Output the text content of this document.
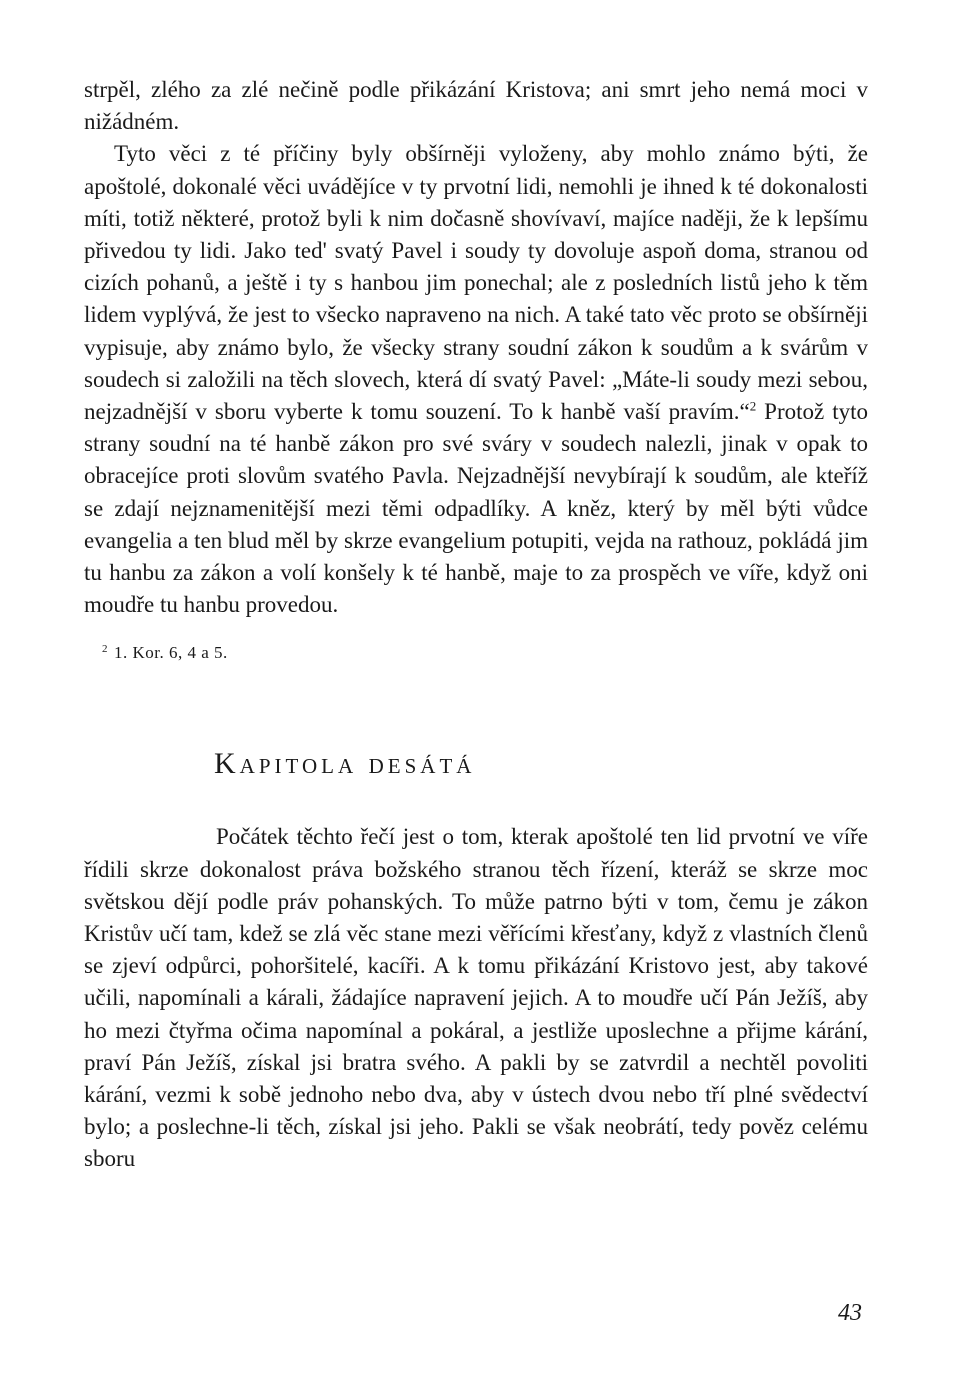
strpěl, zlého za zlé nečině podle přikázání Kristova; ani smrt jeho nemá moci v nižádném.

Tyto věci z té příčiny byly obšírněji vyloženy, aby mohlo známo býti, že apoštolé, dokonalé věci uvádějíce v ty prvotní lidi, nemohli je ihned k té dokonalosti míti, totiž některé, protož byli k nim dočasně shovívaví, majíce naději, že k lepšímu přivedou ty lidi. Jako ted' svatý Pavel i soudy ty dovoluje aspoň doma, stranou od cizích pohanů, a ještě i ty s hanbou jim ponechal; ale z posledních listů jeho k těm lidem vyplývá, že jest to všecko napraveno na nich. A také tato věc proto se obšírněji vypisuje, aby známo bylo, že všecky strany soudní zákon k soudům a k svárům v soudech si založili na těch slovech, která dí svatý Pavel: „Máte-li soudy mezi sebou, nejzadnější v sboru vyberte k tomu souzení. To k hanbě vaší pravím.“$^2$ Protož tyto strany soudní na té hanbě zákon pro své sváry v soudech nalezli, jinak v opak to obracejíce proti slovům svatého Pavla. Nejzadnější nevybírají k soudům, ale kteříž se zdají nejznamenitější mezi těmi odpadlíky. A kněz, který by měl býti vůdce evangelia a ten blud měl by skrze evangelium potupiti, vejda na rathouz, pokládá jim tu hanbu za zákon a volí konšely k té hanbě, maje to za prospěch ve víře, když oni moudře tu hanbu provedou.

$^2$ 1. Kor. 6, 4 a 5.
Kapitola desátá

Počátek těchto řečí jest o tom, kterak apoštolé ten lid prvotní ve víře řídili skrze dokonalost práva božského stranou těch řízení, kteráž se skrze moc světskou dějí podle práv pohanských. To může patrno býti v tom, čemu je zákon Kristův učí tam, kdež se zlá věc stane mezi věřícími křesťany, když z vlastních členů se zjeví odpůrci, pohoršitelé, kacíři. A k tomu přikázání Kristovo jest, aby takové učili, napomínali a kárali, žádajíce napravení jejich. A to moudře učí Pán Ježíš, aby ho mezi čtyřma očima napomínal a pokáral, a jestliže uposlechne a přijme kárání, praví Pán Ježíš, získal jsi bratra svého. A pakli by se zatvrdil a nechtěl povoliti kárání, vezmi k sobě jednoho nebo dva, aby v ústech dvou nebo tří plné svědectví bylo; a poslechne-li těch, získal jsi jeho. Pakli se však neobrátí, tedy pověz celému sboru

43
